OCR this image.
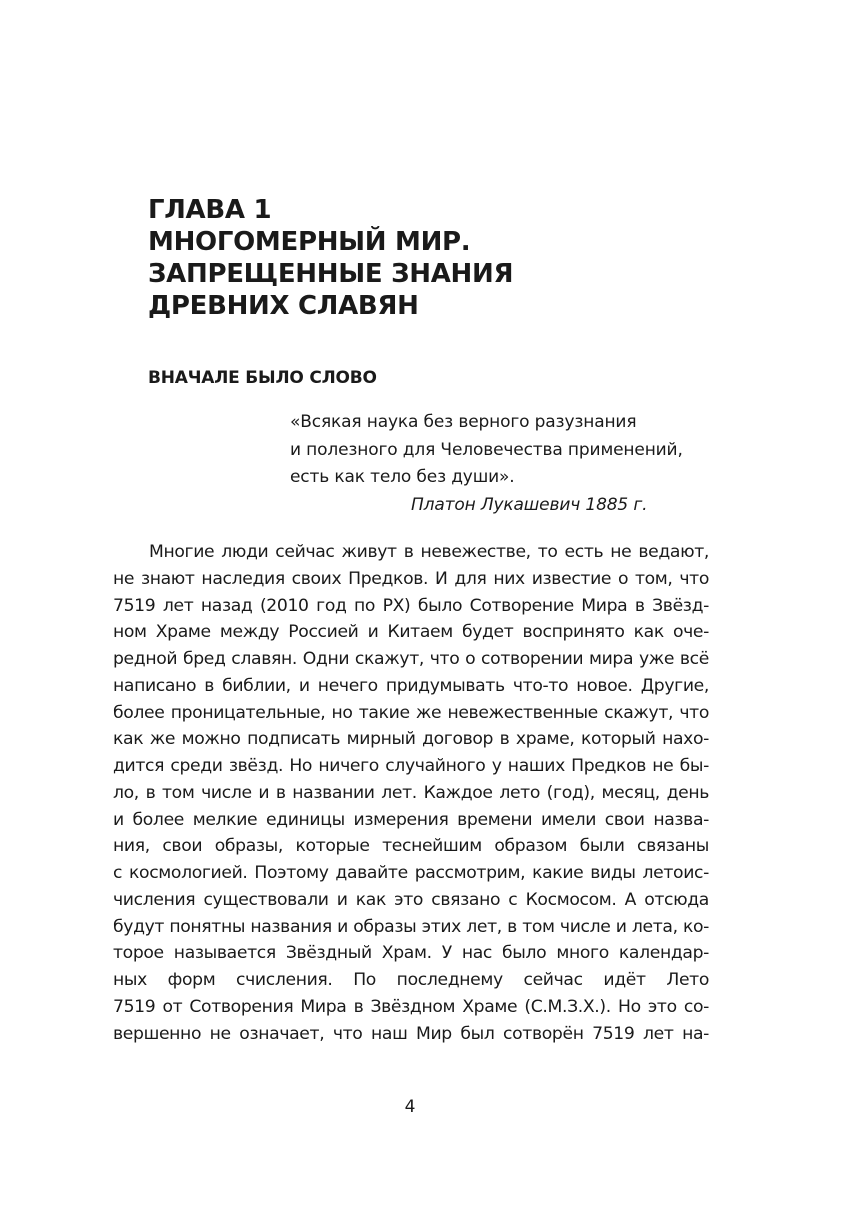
ГЛАВА 1
МНОГОМЕРНЫЙ МИР.
ЗАПРЕЩЕННЫЕ ЗНАНИЯ
ДРЕВНИХ СЛАВЯН
ВНАЧАЛЕ БЫЛО СЛОВО
«Всякая наука без верного разузнания
и полезного для Человечества применений,
есть как тело без души».
Платон Лукашевич 1885 г.
Многие люди сейчас живут в невежестве, то есть не ведают,
не знают наследия своих Предков. И для них известие о том, что
7519 лет назад (2010 год по РХ) было Сотворение Мира в Звёзд-
ном Храме между Россией и Китаем будет воспринято как оче-
редной бред славян. Одни скажут, что о сотворении мира уже всё
написано в библии, и нечего придумывать что-то новое. Другие,
более проницательные, но такие же невежественные скажут, что
как же можно подписать мирный договор в храме, который нахо-
дится среди звёзд. Но ничего случайного у наших Предков не бы-
ло, в том числе и в названии лет. Каждое лето (год), месяц, день
и более мелкие единицы измерения времени имели свои назва-
ния, свои образы, которые теснейшим образом были связаны
с космологией. Поэтому давайте рассмотрим, какие виды летоис-
числения существовали и как это связано с Космосом. А отсюда
будут понятны названия и образы этих лет, в том числе и лета, ко-
торое называется Звёздный Храм. У нас было много календар-
ных форм счисления. По последнему сейчас идёт Лето
7519 от Сотворения Мира в Звёздном Храме (С.М.З.Х.). Но это со-
вершенно не означает, что наш Мир был сотворён 7519 лет на-
4
